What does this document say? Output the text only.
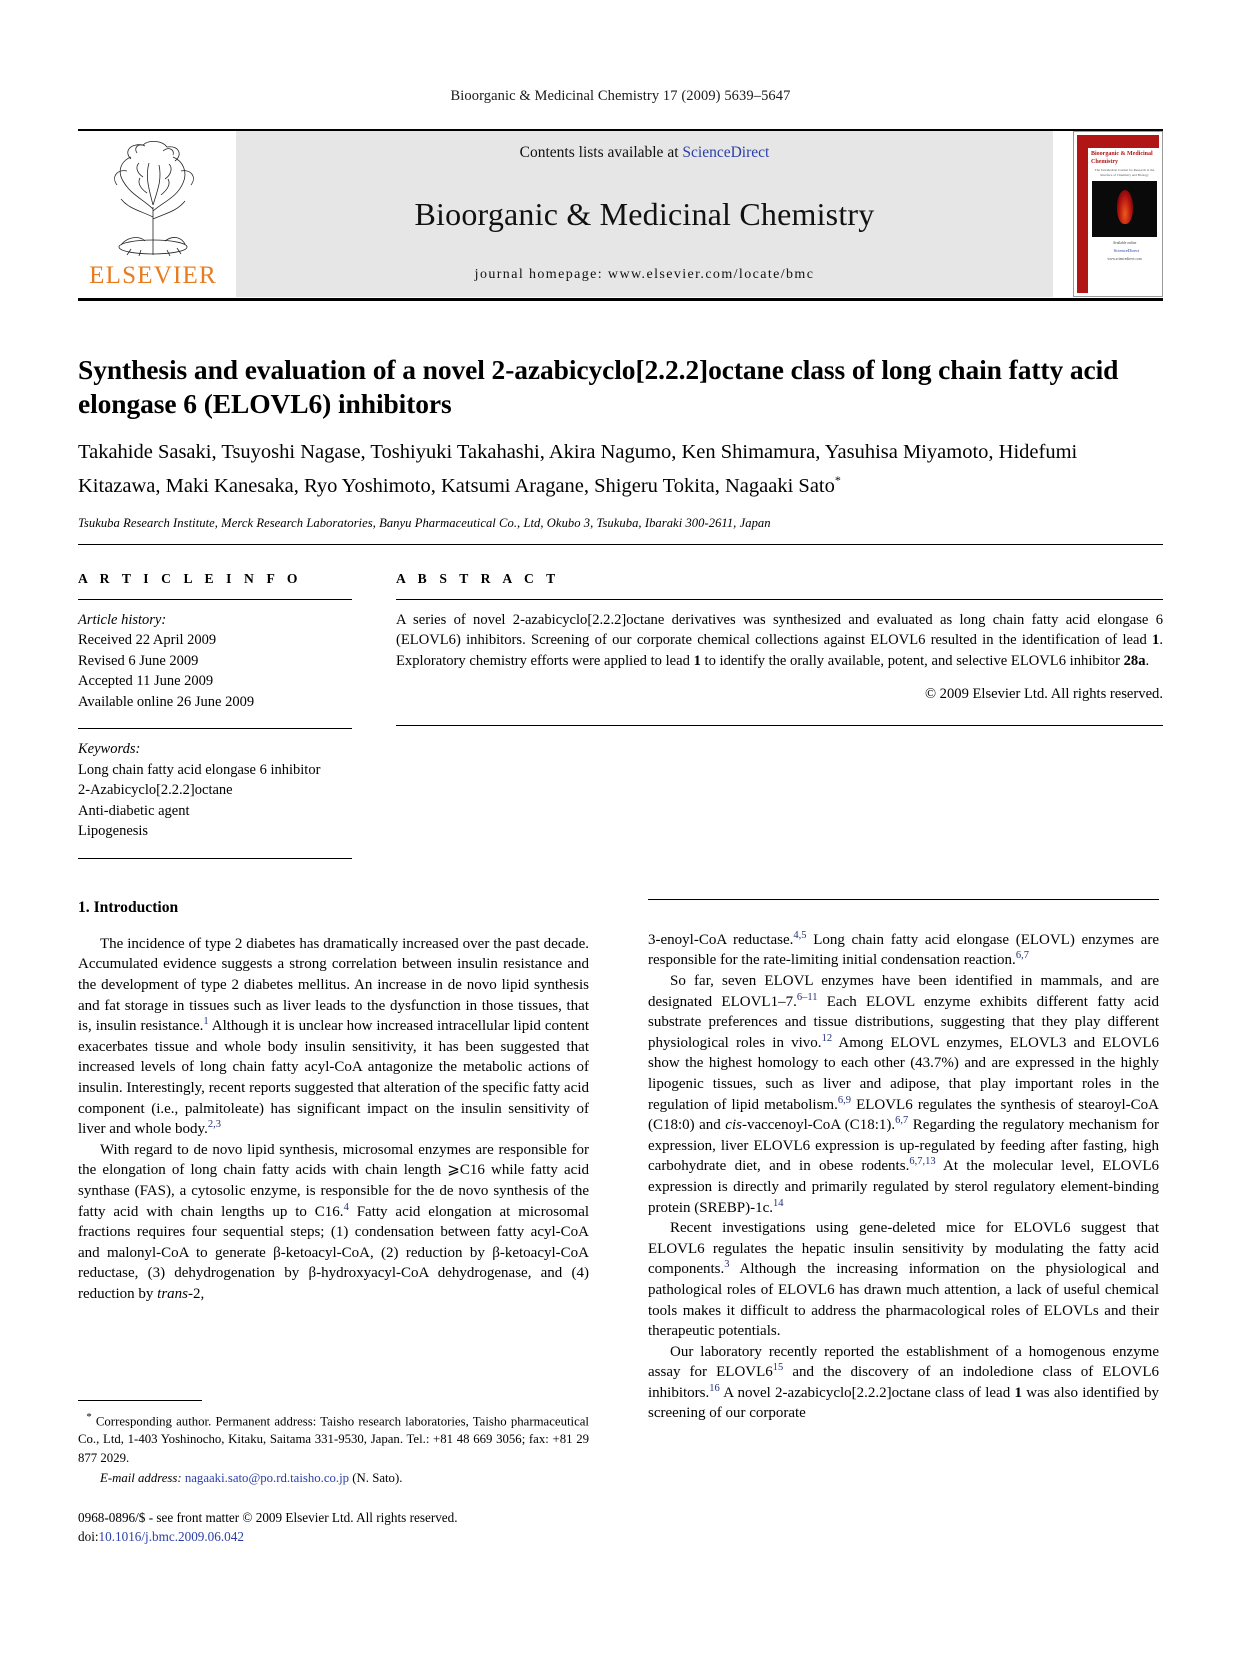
Bioorganic & Medicinal Chemistry 17 (2009) 5639–5647
ELSEVIER
Contents lists available at ScienceDirect
Bioorganic & Medicinal Chemistry
journal homepage: www.elsevier.com/locate/bmc
Bioorganic & Medicinal Chemistry
The Tetrahedron Journal for Research at the Interface of Chemistry and Biology
Available online
ScienceDirect
www.sciencedirect.com
Synthesis and evaluation of a novel 2-azabicyclo[2.2.2]octane class of long chain fatty acid elongase 6 (ELOVL6) inhibitors
Takahide Sasaki, Tsuyoshi Nagase, Toshiyuki Takahashi, Akira Nagumo, Ken Shimamura, Yasuhisa Miyamoto, Hidefumi Kitazawa, Maki Kanesaka, Ryo Yoshimoto, Katsumi Aragane, Shigeru Tokita, Nagaaki Sato*
Tsukuba Research Institute, Merck Research Laboratories, Banyu Pharmaceutical Co., Ltd, Okubo 3, Tsukuba, Ibaraki 300-2611, Japan
A R T I C L E I N F O
Article history:
Received 22 April 2009
Revised 6 June 2009
Accepted 11 June 2009
Available online 26 June 2009
Keywords:
Long chain fatty acid elongase 6 inhibitor
2-Azabicyclo[2.2.2]octane
Anti-diabetic agent
Lipogenesis
A B S T R A C T
A series of novel 2-azabicyclo[2.2.2]octane derivatives was synthesized and evaluated as long chain fatty acid elongase 6 (ELOVL6) inhibitors. Screening of our corporate chemical collections against ELOVL6 resulted in the identification of lead 1. Exploratory chemistry efforts were applied to lead 1 to identify the orally available, potent, and selective ELOVL6 inhibitor 28a.
© 2009 Elsevier Ltd. All rights reserved.
1. Introduction

The incidence of type 2 diabetes has dramatically increased over the past decade. Accumulated evidence suggests a strong correlation between insulin resistance and the development of type 2 diabetes mellitus. An increase in de novo lipid synthesis and fat storage in tissues such as liver leads to the dysfunction in those tissues, that is, insulin resistance.$^1$ Although it is unclear how increased intracellular lipid content exacerbates tissue and whole body insulin sensitivity, it has been suggested that increased levels of long chain fatty acyl-CoA antagonize the metabolic actions of insulin. Interestingly, recent reports suggested that alteration of the specific fatty acid component (i.e., palmitoleate) has significant impact on the insulin sensitivity of liver and whole body.$^{2,3}$

With regard to de novo lipid synthesis, microsomal enzymes are responsible for the elongation of long chain fatty acids with chain length ⩾C16 while fatty acid synthase (FAS), a cytosolic enzyme, is responsible for the de novo synthesis of the fatty acid with chain lengths up to C16.$^4$ Fatty acid elongation at microsomal fractions requires four sequential steps; (1) condensation between fatty acyl-CoA and malonyl-CoA to generate β-ketoacyl-CoA, (2) reduction by β-ketoacyl-CoA reductase, (3) dehydrogenation by β-hydroxyacyl-CoA dehydrogenase, and (4) reduction by trans-2,

3-enoyl-CoA reductase.$^{4,5}$ Long chain fatty acid elongase (ELOVL) enzymes are responsible for the rate-limiting initial condensation reaction.$^{6,7}$

So far, seven ELOVL enzymes have been identified in mammals, and are designated ELOVL1–7.$^{6-11}$ Each ELOVL enzyme exhibits different fatty acid substrate preferences and tissue distributions, suggesting that they play different physiological roles in vivo.$^{12}$ Among ELOVL enzymes, ELOVL3 and ELOVL6 show the highest homology to each other (43.7%) and are expressed in the highly lipogenic tissues, such as liver and adipose, that play important roles in the regulation of lipid metabolism.$^{6,9}$ ELOVL6 regulates the synthesis of stearoyl-CoA (C18:0) and cis-vaccenoyl-CoA (C18:1).$^{6,7}$ Regarding the regulatory mechanism for expression, liver ELOVL6 expression is up-regulated by feeding after fasting, high carbohydrate diet, and in obese rodents.$^{6,7,13}$ At the molecular level, ELOVL6 expression is directly and primarily regulated by sterol regulatory element-binding protein (SREBP)-1c.$^{14}$

Recent investigations using gene-deleted mice for ELOVL6 suggest that ELOVL6 regulates the hepatic insulin sensitivity by modulating the fatty acid components.$^3$ Although the increasing information on the physiological and pathological roles of ELOVL6 has drawn much attention, a lack of useful chemical tools makes it difficult to address the pharmacological roles of ELOVLs and their therapeutic potentials.

Our laboratory recently reported the establishment of a homogenous enzyme assay for ELOVL6$^{15}$ and the discovery of an indoledione class of ELOVL6 inhibitors.$^{16}$ A novel 2-azabicyclo[2.2.2]octane class of lead 1 was also identified by screening of our corporate

* Corresponding author. Permanent address: Taisho research laboratories, Taisho pharmaceutical Co., Ltd, 1-403 Yoshinocho, Kitaku, Saitama 331-9530, Japan. Tel.: +81 48 669 3056; fax: +81 29 877 2029.
E-mail address: nagaaki.sato@po.rd.taisho.co.jp (N. Sato).
0968-0896/$ - see front matter © 2009 Elsevier Ltd. All rights reserved.
doi:10.1016/j.bmc.2009.06.042
